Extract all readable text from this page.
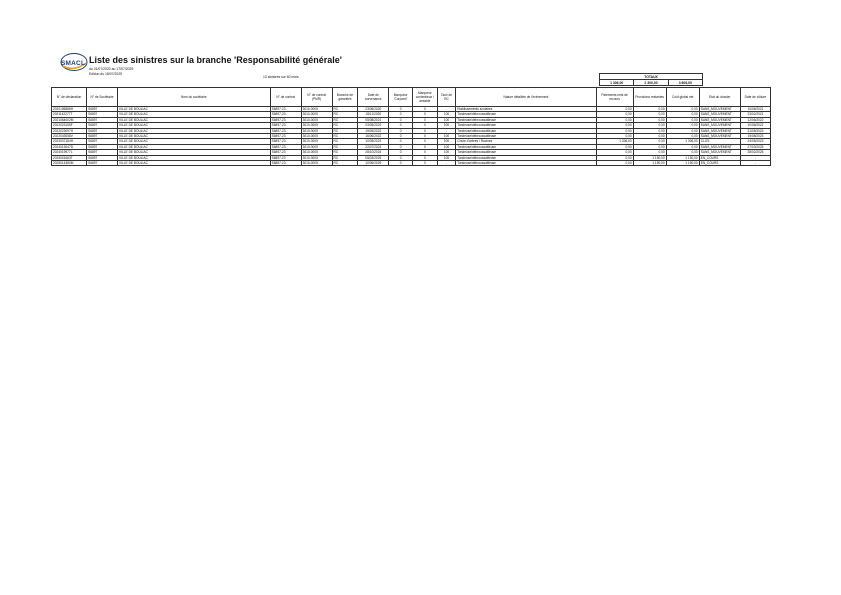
SMACL Liste des sinistres sur la branche 'Responsabilité générale'
du 01/07/2020 au 17/07/2025
Edition du 18/07/2025
13 sinistres sur 60 mois	TOTAUX
1 306,00	2 300,00	3 606,00
N° de déclaration	N° de Sociétaire	Nom du sociétaire	N° de contrat	N° de contrat (PMR)	Branche de garanties	Date de survenance	Marqueur 'Corporel'	Marqueur contentieux / amiable	Taux de RC	Nature détaillée de l'évènement	Paiements nets de recours	Provisions restantes	Coût global net	Etat du dossier	Date de clôture
2020196888H	S6897	VILLE DE BOULIAC	S6897-23	3010-0005	RC	23/06/2020	0	0	-	Etablissements scolaires	0,00	0,00	0,00	SANS_MOUVEMENT	10/06/2021
2021142277T	S6897	VILLE DE BOULIAC	S6897-23	3010-0005	RC	18/11/2020	0	0	100	Tondeuse/débroussailleuse	0,00	0,00	0,00	SANS_MOUVEMENT	23/02/2021
2021064002M	S6897	VILLE DE BOULIAC	S6897-23	3010-0005	RC	05/08/2021	0	0	100	Tondeuse/débroussailleuse	0,00	0,00	0,00	SANS_MOUVEMENT	12/06/2022
2022023155F	S6897	VILLE DE BOULIAC	S6897-23	3010-0005	RC	03/05/2022	0	0	100	Tondeuse/débroussailleuse	0,00	0,00	0,00	SANS_MOUVEMENT	10/06/2022
2022023097H	S6897	VILLE DE BOULIAC	S6897-23	3010-0005	RC	19/05/2022	0	0	-	Tondeuse/débroussailleuse	0,00	0,00	0,00	SANS_MOUVEMENT	31/05/2023
2022043058V	S6897	VILLE DE BOULIAC	S6897-23	3010-0005	RC	16/06/2022	0	0	100	Tondeuse/débroussailleuse	0,00	0,00	0,00	SANS_MOUVEMENT	19/08/2023
2023007184H	S6897	VILLE DE BOULIAC	S6897-23	3010-0005	RC	10/05/2023	0	0	100	Chute d'arbres / Racines	1 306,00	0,00	1 306,00	CLOS	24/05/2023
2024013047D	S6897	VILLE DE BOULIAC	S6897-23	3010-0005	RC	22/07/2024	0	0	100	Tondeuse/débroussailleuse	0,00	0,00	0,00	SANS_MOUVEMENT	27/03/2025
2024019977L	S6897	VILLE DE BOULIAC	S6897-23	3010-0005	RC	28/10/2024	0	0	100	Tondeuse/débroussailleuse	0,00	0,00	0,00	SANS_MOUVEMENT	28/02/2025
2025001663T	S6897	VILLE DE BOULIAC	S6897-23	3010-0005	RC	05/03/2025	0	0	100	Tondeuse/débroussailleuse	0,00	1 150,00	1 150,00	EN_COURS	-
2025014380M	S6897	VILLE DE BOULIAC	S6897-23	3010-0005	RC	10/06/2025	0	0	-	Tondeuse/débroussailleuse	0,00	1 150,00	1 150,00	EN_COURS	-
